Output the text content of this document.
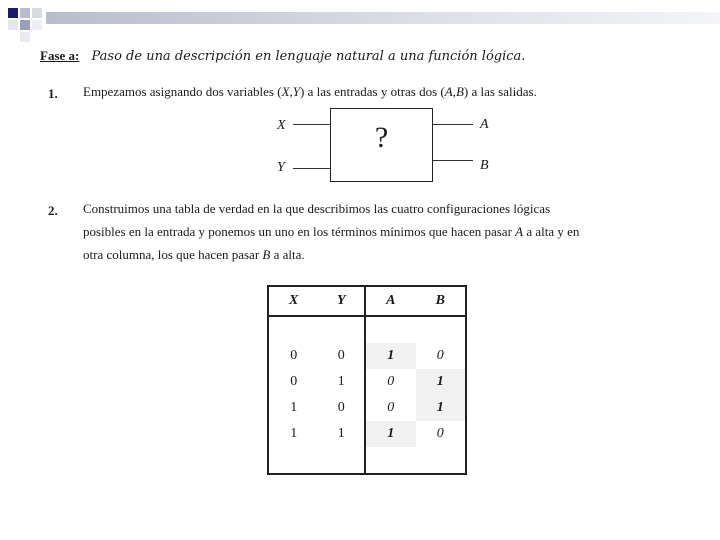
Fase a: Paso de una descripción en lenguaje natural a una función lógica.
1. Empezamos asignando dos variables (X,Y) a las entradas y otras dos (A,B) a las salidas.
X
Y
?	A
B
2. Construimos una tabla de verdad en la que describimos las cuatro configuraciones lógicas
posibles en la entrada y ponemos un uno en los términos mínimos que hacen pasar A a alta y en
otra columna, los que hacen pasar B a alta.
X	Y	A	B

0	0	1	0
0	1	0	1
1	0	0	1
1	1	1	0
